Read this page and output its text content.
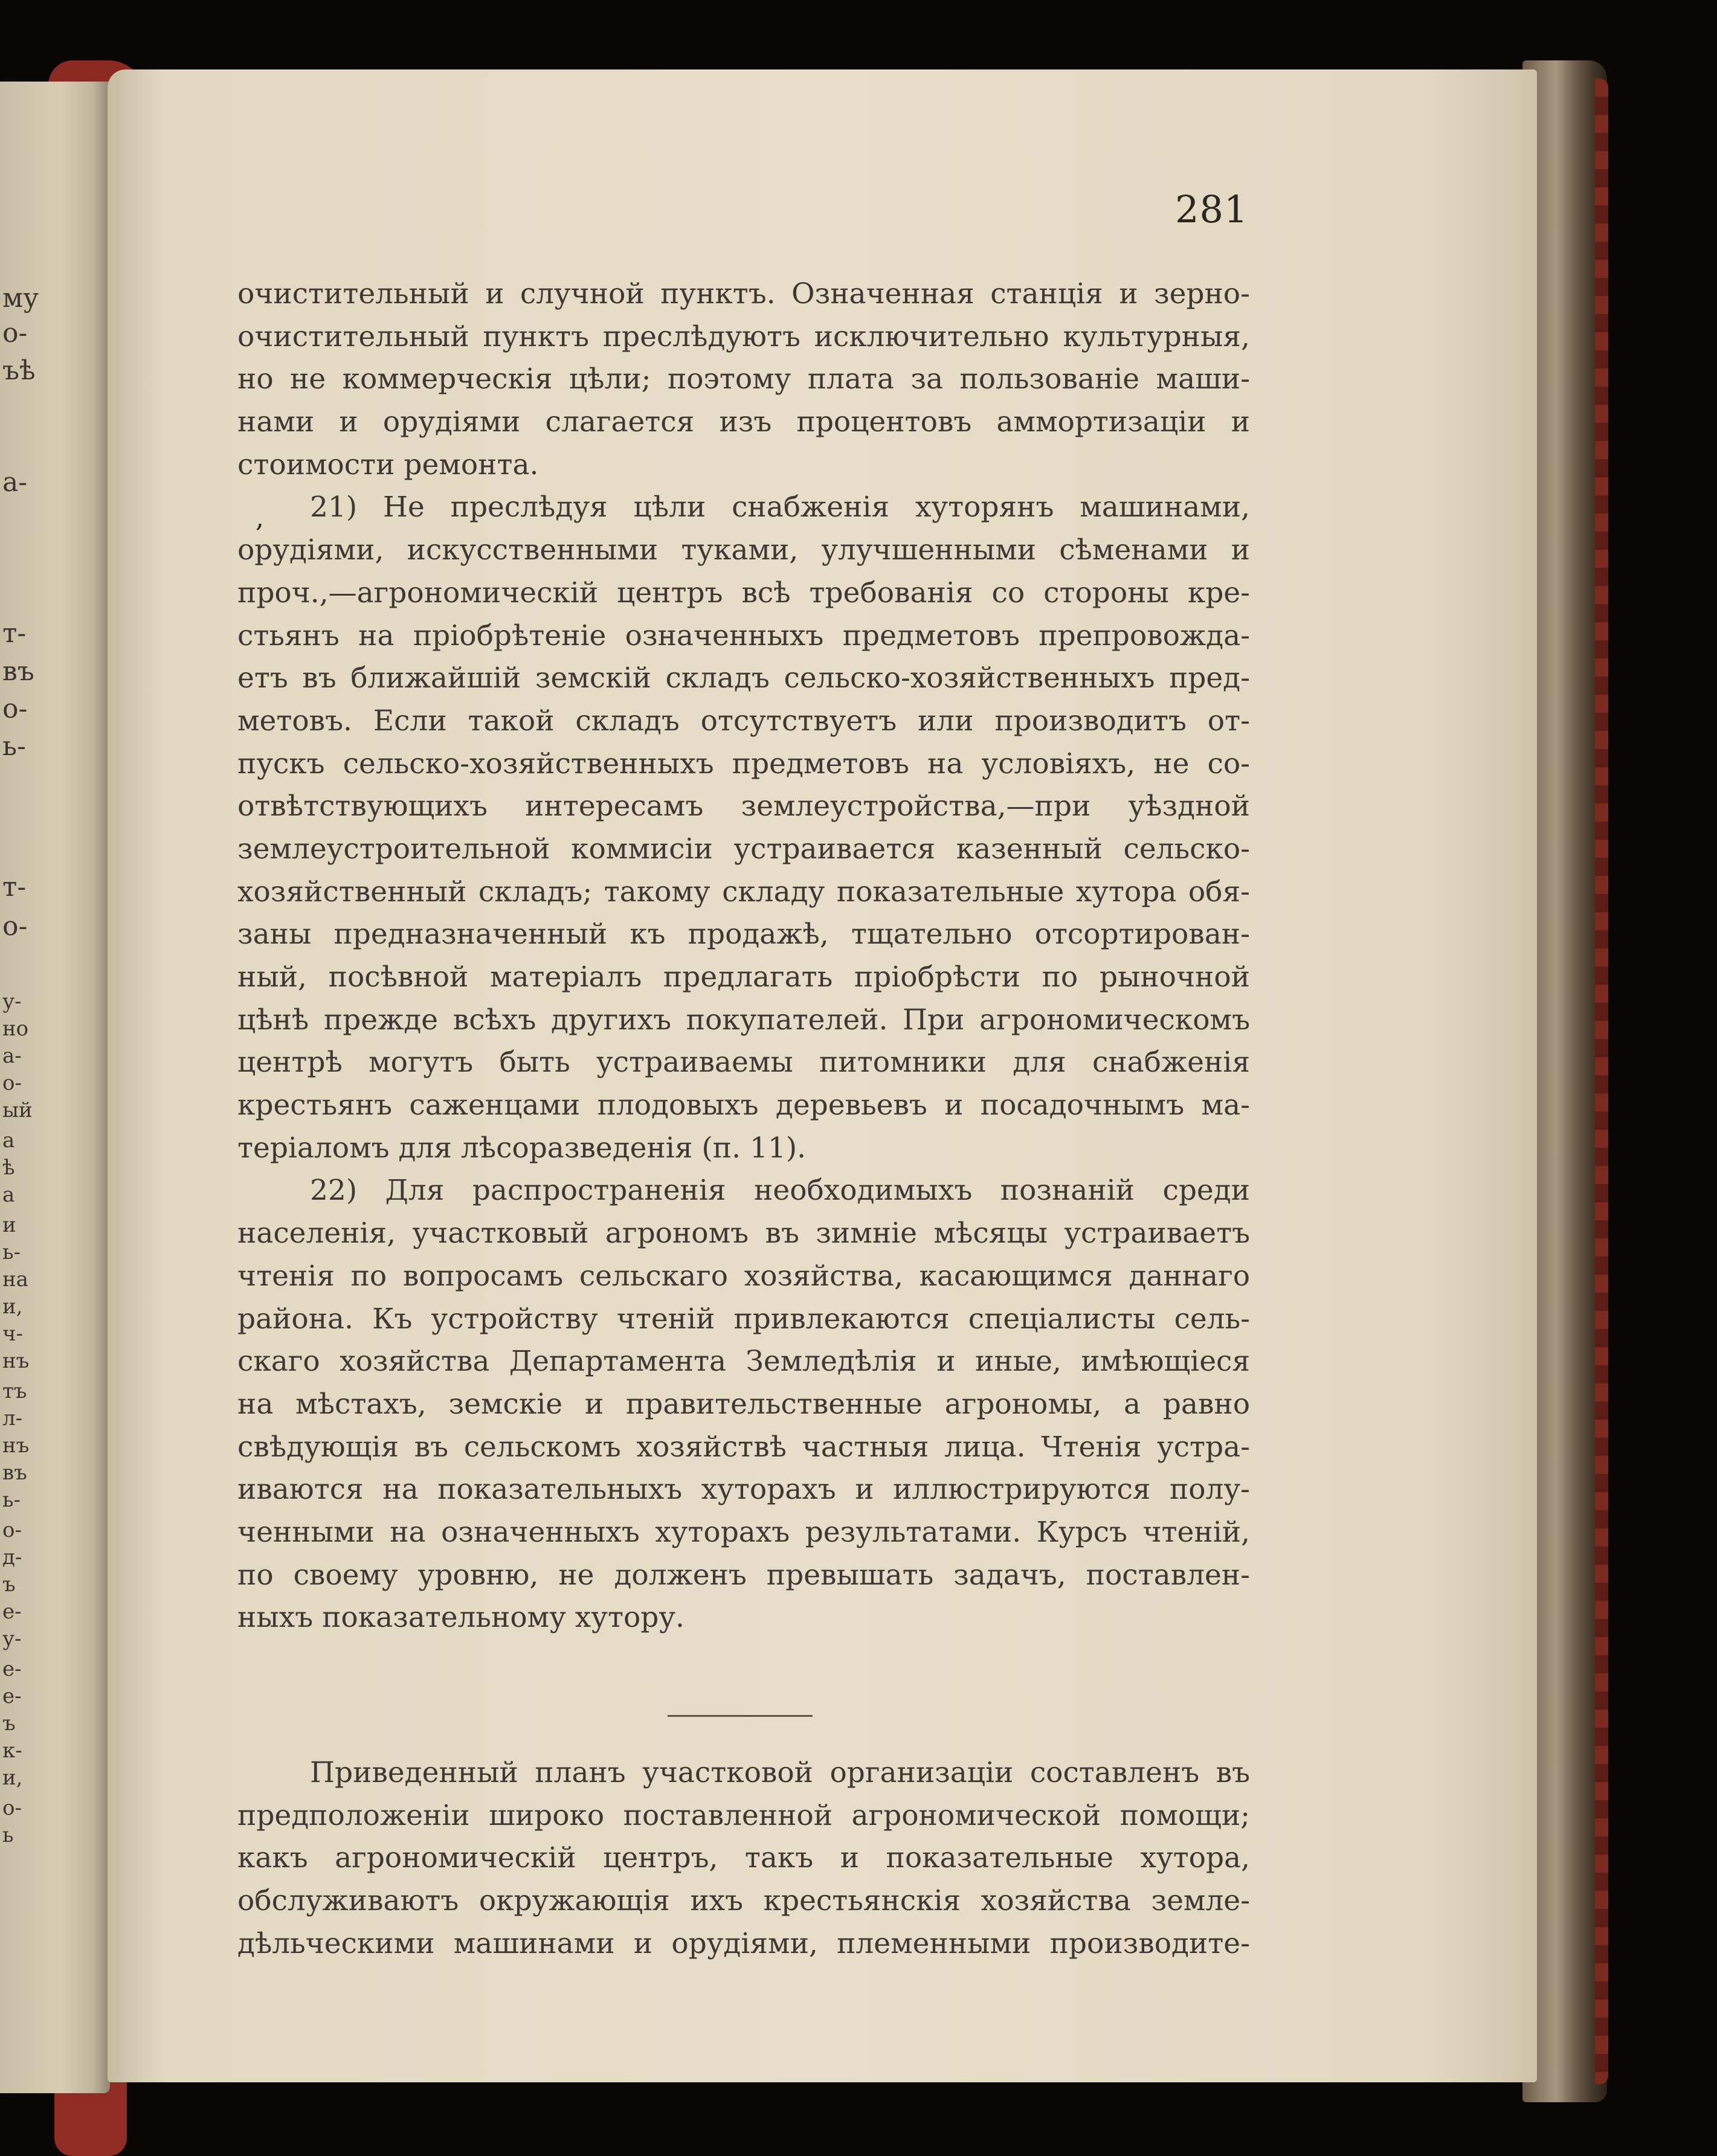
му
о-
ъѣ
а-
т-
въ
о-
ь-
т-
о-
у-
но
а-
о-
ый
а
ѣ
а
и
ь-
на
и,
ч-
нъ
тъ
л-
нъ
въ
ь-
о-
д-
ъ
е-
у-
е-
е-
ъ
к-
и,
о-
ь
281
,
очистительный и случной пунктъ. Означенная станція и зерно-
очистительный пунктъ преслѣдуютъ исключительно культурныя,
но не коммерческія цѣли; поэтому плата за пользованіе маши-
нами и орудіями слагается изъ процентовъ аммортизаціи и
стоимости ремонта.
21) Не преслѣдуя цѣли снабженія хуторянъ машинами,
орудіями, искусственными туками, улучшенными сѣменами и
проч.,—агрономическій центръ всѣ требованія со стороны кре-
стьянъ на пріобрѣтеніе означенныхъ предметовъ препровожда-
етъ въ ближайшій земскій складъ сельско-хозяйственныхъ пред-
метовъ. Если такой складъ отсутствуетъ или производитъ от-
пускъ сельско-хозяйственныхъ предметовъ на условіяхъ, не со-
отвѣтствующихъ интересамъ землеустройства,—при уѣздной
землеустроительной коммисіи устраивается казенный сельско-
хозяйственный складъ; такому складу показательные хутора обя-
заны предназначенный къ продажѣ, тщательно отсортирован-
ный, посѣвной матеріалъ предлагать пріобрѣсти по рыночной
цѣнѣ прежде всѣхъ другихъ покупателей. При агрономическомъ
центрѣ могутъ быть устраиваемы питомники для снабженія
крестьянъ саженцами плодовыхъ деревьевъ и посадочнымъ ма-
теріаломъ для лѣсоразведенія (п. 11).
22) Для распространенія необходимыхъ познаній среди
населенія, участковый агрономъ въ зимніе мѣсяцы устраиваетъ
чтенія по вопросамъ сельскаго хозяйства, касающимся даннаго
района. Къ устройству чтеній привлекаются спеціалисты сель-
скаго хозяйства Департамента Земледѣлія и иные, имѣющіеся
на мѣстахъ, земскіе и правительственные агрономы, а равно
свѣдующія въ сельскомъ хозяйствѣ частныя лица. Чтенія устра-
иваются на показательныхъ хуторахъ и иллюстрируются полу-
ченными на означенныхъ хуторахъ результатами. Курсъ чтеній,
по своему уровню, не долженъ превышать задачъ, поставлен-
ныхъ показательному хутору.
Приведенный планъ участковой организаціи составленъ въ
предположеніи широко поставленной агрономической помощи;
какъ агрономическій центръ, такъ и показательные хутора,
обслуживаютъ окружающія ихъ крестьянскія хозяйства земле-
дѣльческими машинами и орудіями, племенными производите-
